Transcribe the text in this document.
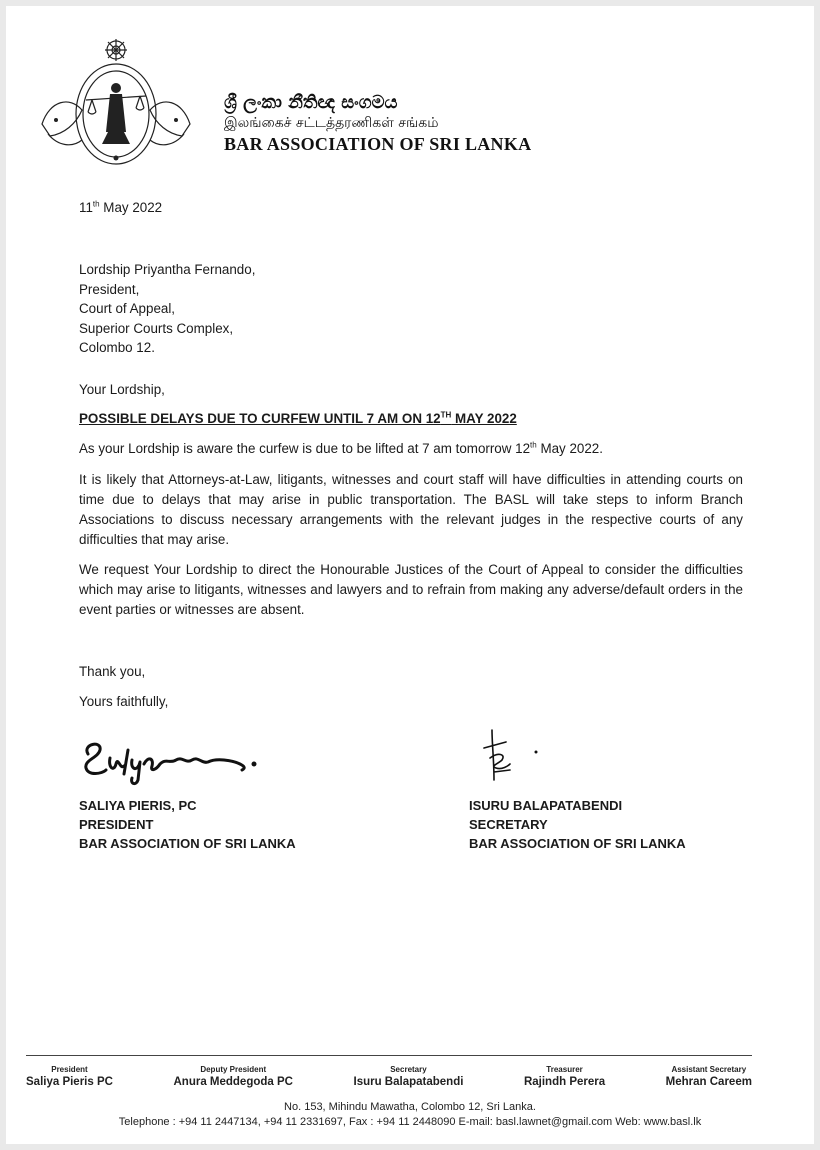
ශ්‍රී ලංකා නීතිඥ සංගමය
இலங்கைச் சட்டத்தரணிகள் சங்கம்
BAR ASSOCIATION OF SRI LANKA
11th May 2022
Lordship Priyantha Fernando,
President,
Court of Appeal,
Superior Courts Complex,
Colombo 12.
Your Lordship,
POSSIBLE DELAYS DUE TO CURFEW UNTIL 7 AM ON 12TH MAY 2022
As your Lordship is aware the curfew is due to be lifted at 7 am tomorrow 12th May 2022.
It is likely that Attorneys-at-Law, litigants, witnesses and court staff will have difficulties in attending courts on time due to delays that may arise in public transportation. The BASL will take steps to inform Branch Associations to discuss necessary arrangements with the relevant judges in the respective courts of any difficulties that may arise.
We request Your Lordship to direct the Honourable Justices of the Court of Appeal to consider the difficulties which may arise to litigants, witnesses and lawyers and to refrain from making any adverse/default orders in the event parties or witnesses are absent.
Thank you,
Yours faithfully,
SALIYA PIERIS, PC
PRESIDENT
BAR ASSOCIATION OF SRI LANKA
ISURU BALAPATABENDI
SECRETARY
BAR ASSOCIATION OF SRI LANKA
President
Saliya Pieris PC
Deputy President
Anura Meddegoda PC
Secretary
Isuru Balapatabendi
Treasurer
Rajindh Perera
Assistant Secretary
Mehran Careem
No. 153, Mihindu Mawatha, Colombo 12, Sri Lanka.
Telephone : +94 11 2447134, +94 11 2331697, Fax : +94 11 2448090 E-mail: basl.lawnet@gmail.com Web: www.basl.lk
